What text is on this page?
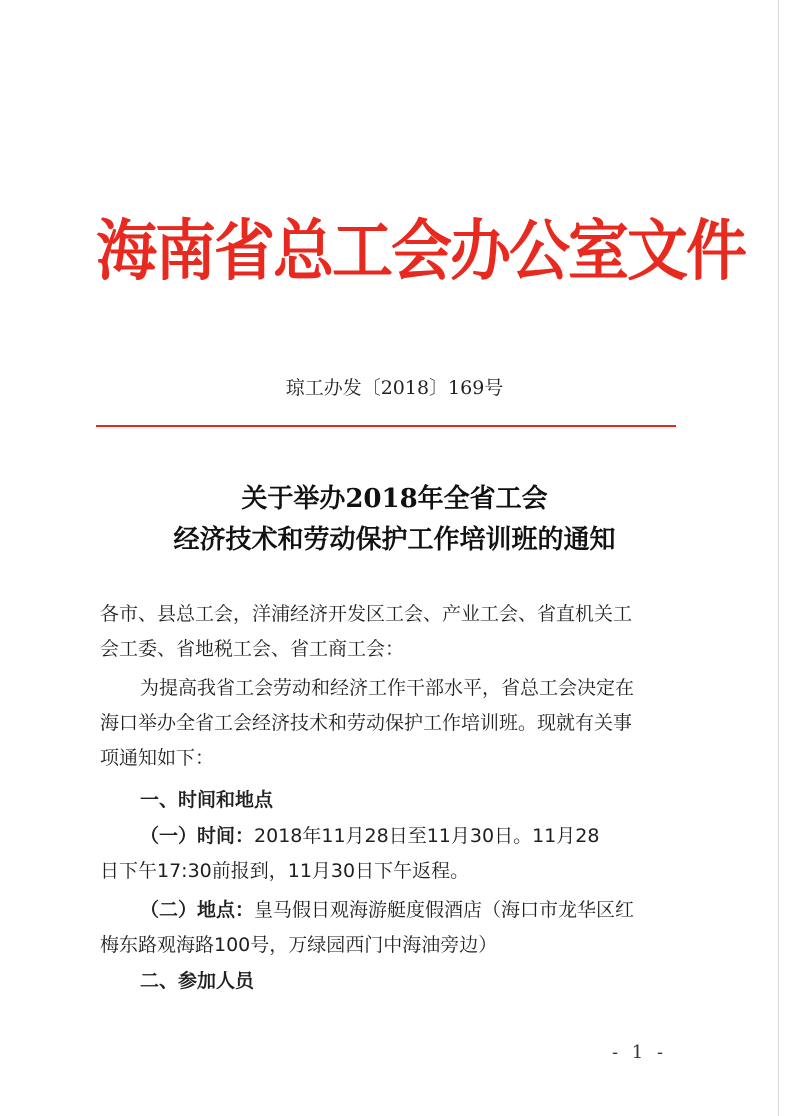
海南省总工会办公室文件
琼工办发〔2018〕169号
关于举办2018年全省工会
经济技术和劳动保护工作培训班的通知
各市、县总工会，洋浦经济开发区工会、产业工会、省直机关工
会工委、省地税工会、省工商工会：
为提高我省工会劳动和经济工作干部水平，省总工会决定在
海口举办全省工会经济技术和劳动保护工作培训班。现就有关事
项通知如下：
一、时间和地点
（一）时间：2018年11月28日至11月30日。11月28
日下午17:30前报到，11月30日下午返程。
（二）地点：皇马假日观海游艇度假酒店（海口市龙华区红
梅东路观海路100号，万绿园西门中海油旁边）
二、参加人员
- 1 -
